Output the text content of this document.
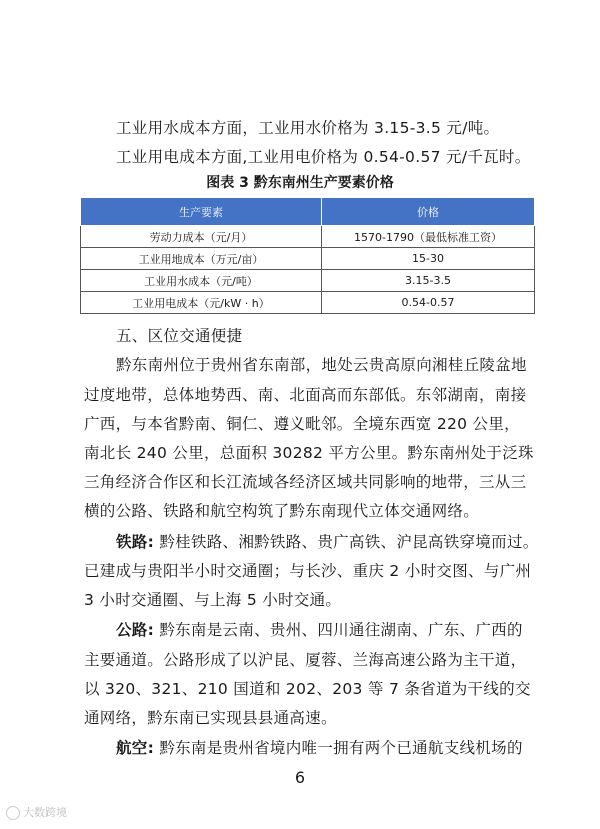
工业用水成本方面，工业用水价格为 3.15-3.5 元/吨。
工业用电成本方面,工业用电价格为 0.54-0.57 元/千瓦时。
图表 3 黔东南州生产要素价格
生产要素	价格
劳动力成本（元/月）	1570-1790（最低标准工资）
工业用地成本（万元/亩）	15-30
工业用水成本（元/吨）	3.15-3.5
工业用电成本（元/kW · h）	0.54-0.57
五、区位交通便捷
黔东南州位于贵州省东南部，地处云贵高原向湘桂丘陵盆地
过度地带，总体地势西、南、北面高而东部低。东邻湖南，南接
广西，与本省黔南、铜仁、遵义毗邻。全境东西宽 220 公里，
南北长 240 公里，总面积 30282 平方公里。黔东南州处于泛珠
三角经济合作区和长江流域各经济区域共同影响的地带，三从三
横的公路、铁路和航空构筑了黔东南现代立体交通网络。
铁路: 黔桂铁路、湘黔铁路、贵广高铁、沪昆高铁穿境而过。
已建成与贵阳半小时交通圈；与长沙、重庆 2 小时交图、与广州
3 小时交通圈、与上海 5 小时交通。
公路: 黔东南是云南、贵州、四川通往湖南、广东、广西的
主要通道。公路形成了以沪昆、厦蓉、兰海高速公路为主干道，
以 320、321、210 国道和 202、203 等 7 条省道为干线的交
通网络，黔东南已实现县县通高速。
航空: 黔东南是贵州省境内唯一拥有两个已通航支线机场的
6
大数跨境
